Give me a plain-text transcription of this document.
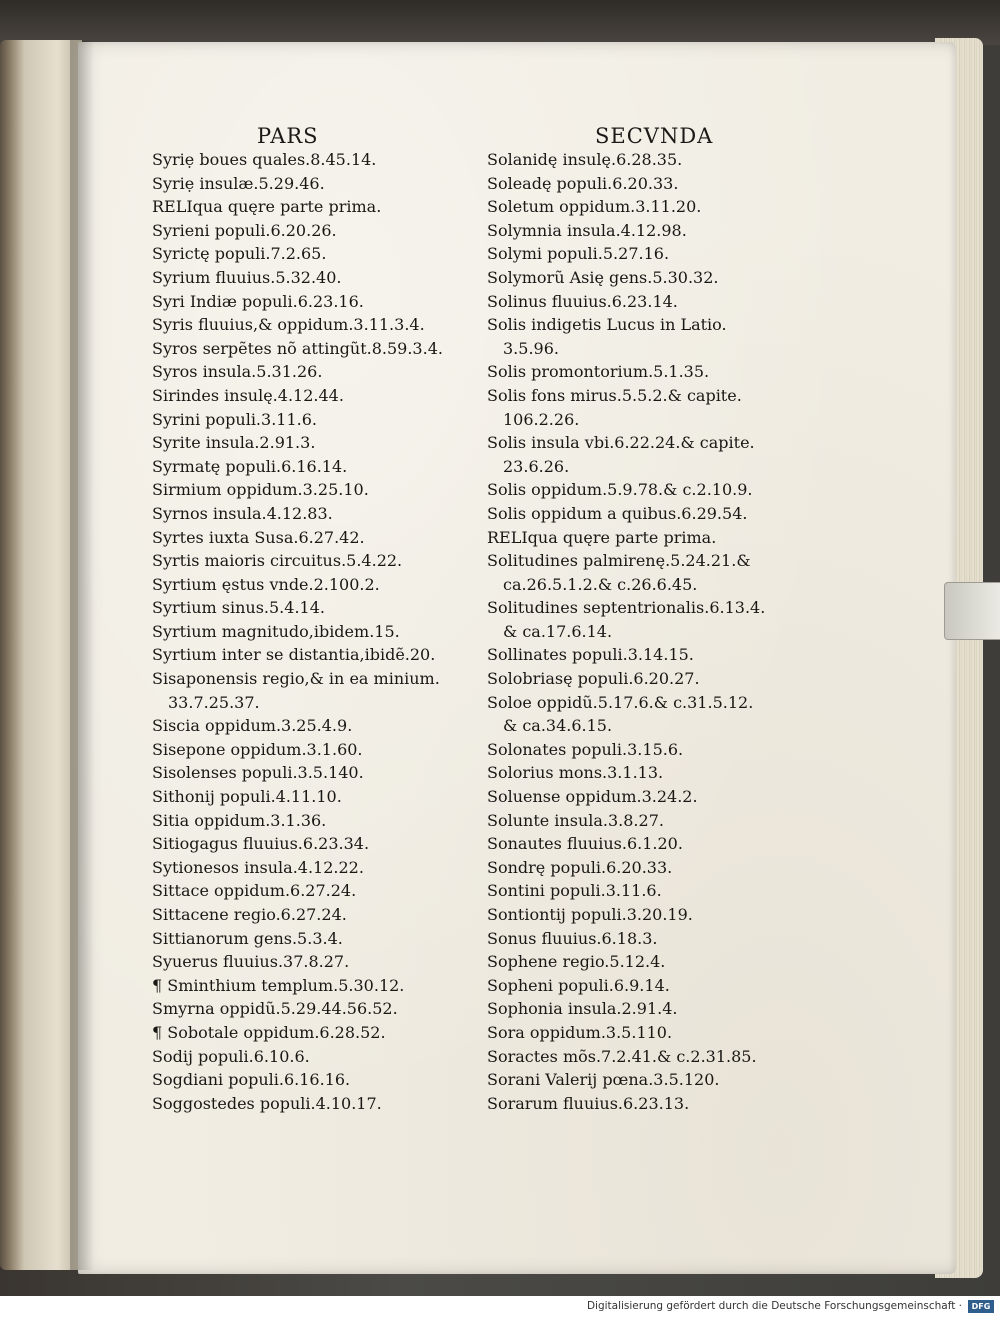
PARS	SECVNDA
Syriẹ boues quales.8.45.14.
Syriẹ insulæ.5.29.46.
RELIqua quęre parte prima.
Syrieni populi.6.20.26.
Syrictę populi.7.2.65.
Syrium fluuius.5.32.40.
Syri Indiæ populi.6.23.16.
Syris fluuius,& oppidum.3.11.3.4.
Syros serpẽtes nõ attingũt.8.59.3.4.
Syros insula.5.31.26.
Sirindes insulę.4.12.44.
Syrini populi.3.11.6.
Syrite insula.2.91.3.
Syrmatę populi.6.16.14.
Sirmium oppidum.3.25.10.
Syrnos insula.4.12.83.
Syrtes iuxta Susa.6.27.42.
Syrtis maioris circuitus.5.4.22.
Syrtium ęstus vnde.2.100.2.
Syrtium sinus.5.4.14.
Syrtium magnitudo,ibidem.15.
Syrtium inter se distantia,ibidẽ.20.
Sisaponensis regio,& in ea minium.
33.7.25.37.
Siscia oppidum.3.25.4.9.
Sisepone oppidum.3.1.60.
Sisolenses populi.3.5.140.
Sithonij populi.4.11.10.
Sitia oppidum.3.1.36.
Sitiogagus fluuius.6.23.34.
Sytionesos insula.4.12.22.
Sittace oppidum.6.27.24.
Sittacene regio.6.27.24.
Sittianorum gens.5.3.4.
Syuerus fluuius.37.8.27.
¶ Sminthium templum.5.30.12.
Smyrna oppidũ.5.29.44.56.52.
¶ Sobotale oppidum.6.28.52.
Sodij populi.6.10.6.
Sogdiani populi.6.16.16.
Soggostedes populi.4.10.17.
Solanidę insulę.6.28.35.
Soleadę populi.6.20.33.
Soletum oppidum.3.11.20.
Solymnia insula.4.12.98.
Solymi populi.5.27.16.
Solymorũ Asię gens.5.30.32.
Solinus fluuius.6.23.14.
Solis indigetis Lucus in Latio.
3.5.96.
Solis promontorium.5.1.35.
Solis fons mirus.5.5.2.& capite.
106.2.26.
Solis insula vbi.6.22.24.& capite.
23.6.26.
Solis oppidum.5.9.78.& c.2.10.9.
Solis oppidum a quibus.6.29.54.
RELIqua quęre parte prima.
Solitudines palmirenę.5.24.21.&
ca.26.5.1.2.& c.26.6.45.
Solitudines septentrionalis.6.13.4.
& ca.17.6.14.
Sollinates populi.3.14.15.
Solobriasę populi.6.20.27.
Soloe oppidũ.5.17.6.& c.31.5.12.
& ca.34.6.15.
Solonates populi.3.15.6.
Solorius mons.3.1.13.
Soluense oppidum.3.24.2.
Solunte insula.3.8.27.
Sonautes fluuius.6.1.20.
Sondrę populi.6.20.33.
Sontini populi.3.11.6.
Sontiontij populi.3.20.19.
Sonus fluuius.6.18.3.
Sophene regio.5.12.4.
Sopheni populi.6.9.14.
Sophonia insula.2.91.4.
Sora oppidum.3.5.110.
Soractes mõs.7.2.41.& c.2.31.85.
Sorani Valerij pœna.3.5.120.
Sorarum fluuius.6.23.13.
Digitalisierung gefördert durch die Deutsche Forschungsgemeinschaft ·	DFG
